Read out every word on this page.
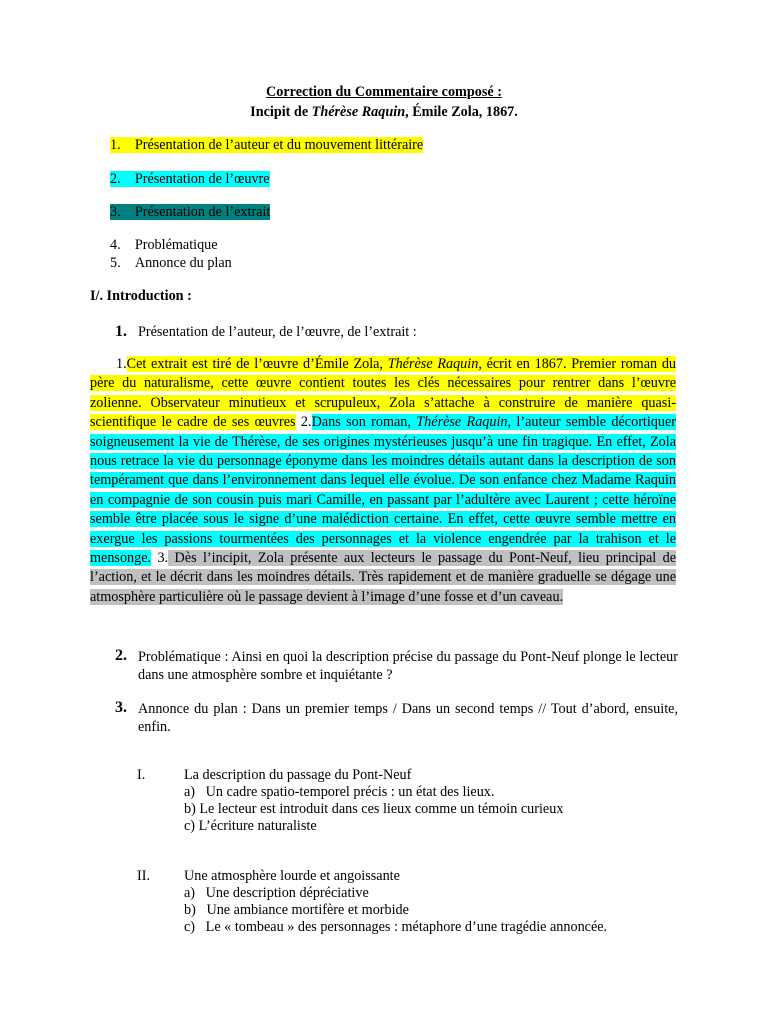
Correction du Commentaire composé :
Incipit de Thérèse Raquin, Émile Zola, 1867.
1. Présentation de l’auteur et du mouvement littéraire
2. Présentation de l’œuvre
3. Présentation de l’extrait
4. Problématique
5. Annonce du plan
I/. Introduction :
1. Présentation de l’auteur, de l’œuvre, de l’extrait :
1.Cet extrait est tiré de l’œuvre d’Émile Zola, Thérèse Raquin, écrit en 1867. Premier roman du père du naturalisme, cette œuvre contient toutes les clés nécessaires pour rentrer dans l’œuvre zolienne. Observateur minutieux et scrupuleux, Zola s’attache à construire de manière quasi-scientifique le cadre de ses œuvres 2.Dans son roman, Thérèse Raquin, l’auteur semble décortiquer soigneusement la vie de Thérèse, de ses origines mystérieuses jusqu’à une fin tragique. En effet, Zola nous retrace la vie du personnage éponyme dans les moindres détails autant dans la description de son tempérament que dans l’environnement dans lequel elle évolue. De son enfance chez Madame Raquin en compagnie de son cousin puis mari Camille, en passant par l’adultère avec Laurent ; cette héroïne semble être placée sous le signe d’une malédiction certaine. En effet, cette œuvre semble mettre en exergue les passions tourmentées des personnages et la violence engendrée par la trahison et le mensonge. 3. Dès l’incipit, Zola présente aux lecteurs le passage du Pont-Neuf, lieu principal de l’action, et le décrit dans les moindres détails. Très rapidement et de manière graduelle se dégage une atmosphère particulière où le passage devient à l’image d’une fosse et d’un caveau.
2. Problématique : Ainsi en quoi la description précise du passage du Pont-Neuf plonge le lecteur dans une atmosphère sombre et inquiétante ?
3. Annonce du plan : Dans un premier temps / Dans un second temps // Tout d’abord, ensuite, enfin.
I.	La description du passage du Pont-Neuf
a) Un cadre spatio-temporel précis : un état des lieux.
b) Le lecteur est introduit dans ces lieux comme un témoin curieux
c) L’écriture naturaliste
II. Une atmosphère lourde et angoissante
a) Une description dépréciative
b) Une ambiance mortifère et morbide
c) Le « tombeau » des personnages : métaphore d’une tragédie annoncée.
